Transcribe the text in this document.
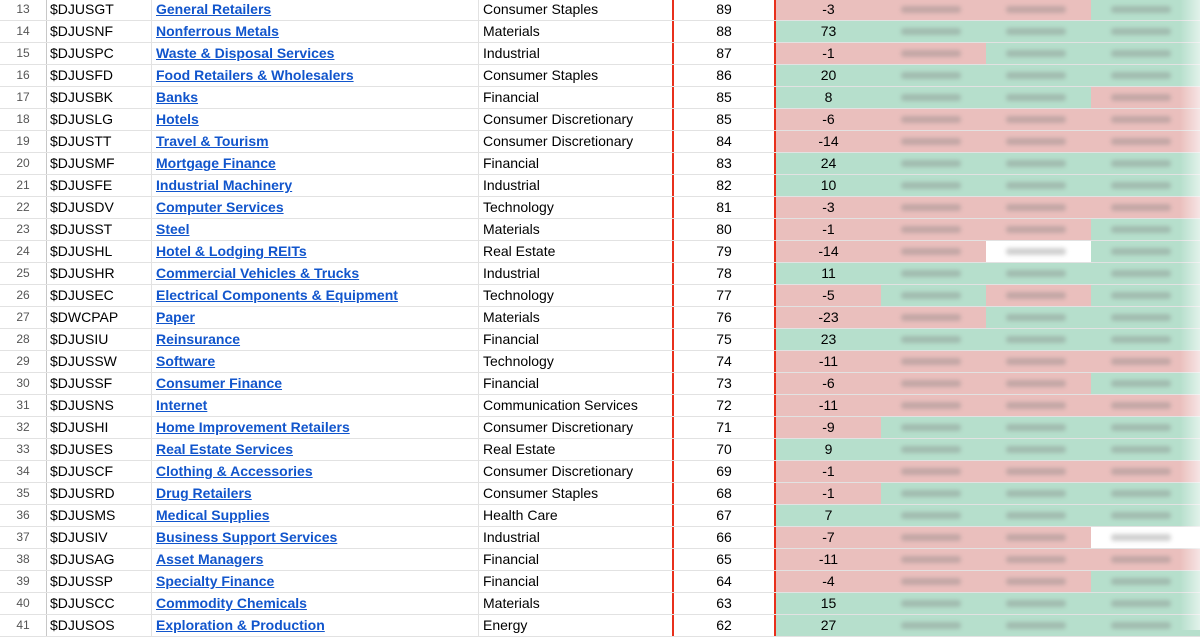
13	$DJUSGT	General Retailers	Consumer Staples	89	-3
14	$DJUSNF	Nonferrous Metals	Materials	88	73
15	$DJUSPC	Waste & Disposal Services	Industrial	87	-1
16	$DJUSFD	Food Retailers & Wholesalers	Consumer Staples	86	20
17	$DJUSBK	Banks	Financial	85	8
18	$DJUSLG	Hotels	Consumer Discretionary	85	-6
19	$DJUSTT	Travel & Tourism	Consumer Discretionary	84	-14
20	$DJUSMF	Mortgage Finance	Financial	83	24
21	$DJUSFE	Industrial Machinery	Industrial	82	10
22	$DJUSDV	Computer Services	Technology	81	-3
23	$DJUSST	Steel	Materials	80	-1
24	$DJUSHL	Hotel & Lodging REITs	Real Estate	79	-14
25	$DJUSHR	Commercial Vehicles & Trucks	Industrial	78	11
26	$DJUSEC	Electrical Components & Equipment	Technology	77	-5
27	$DWCPAP	Paper	Materials	76	-23
28	$DJUSIU	Reinsurance	Financial	75	23
29	$DJUSSW	Software	Technology	74	-11
30	$DJUSSF	Consumer Finance	Financial	73	-6
31	$DJUSNS	Internet	Communication Services	72	-11
32	$DJUSHI	Home Improvement Retailers	Consumer Discretionary	71	-9
33	$DJUSES	Real Estate Services	Real Estate	70	9
34	$DJUSCF	Clothing & Accessories	Consumer Discretionary	69	-1
35	$DJUSRD	Drug Retailers	Consumer Staples	68	-1
36	$DJUSMS	Medical Supplies	Health Care	67	7
37	$DJUSIV	Business Support Services	Industrial	66	-7
38	$DJUSAG	Asset Managers	Financial	65	-11
39	$DJUSSP	Specialty Finance	Financial	64	-4
40	$DJUSCC	Commodity Chemicals	Materials	63	15
41	$DJUSOS	Exploration & Production	Energy	62	27
